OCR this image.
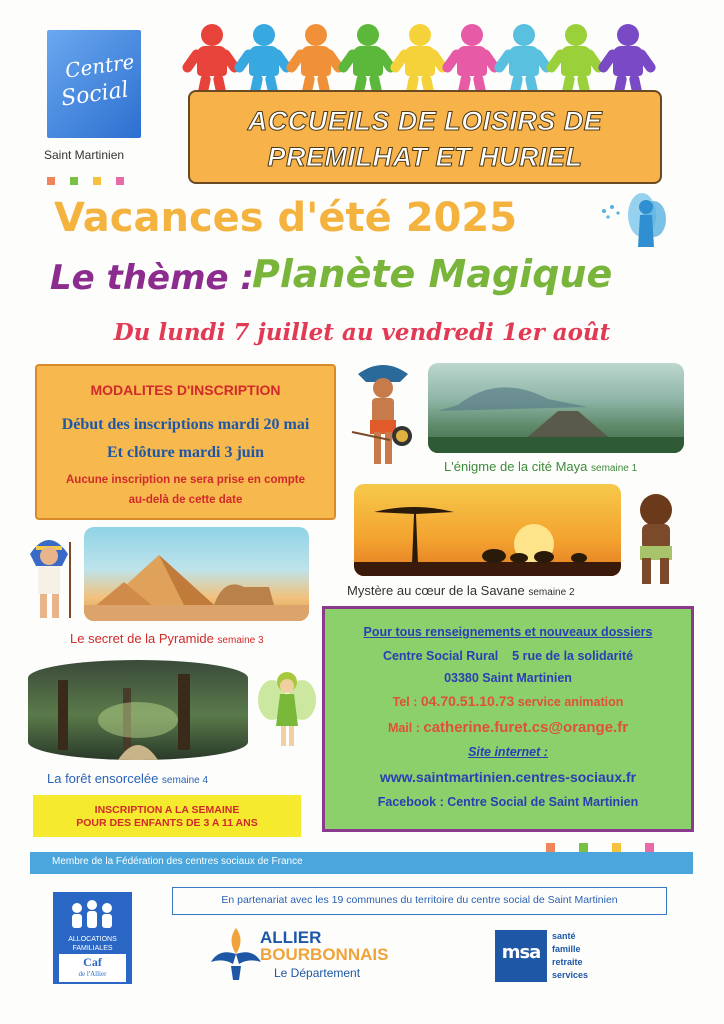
Centre
Social
Saint Martinien
ACCUEILS DE LOISIRS DE
PREMILHAT ET HURIEL
Vacances d'été 2025
Le thème :
Planète Magique
Du lundi 7 juillet au vendredi 1er août
MODALITES D'INSCRIPTION
Début des inscriptions mardi 20 mai
Et clôture mardi 3 juin
Aucune inscription ne sera prise en compte
au-delà de cette date
L'énigme de la cité Maya semaine 1
Mystère au cœur de la Savane semaine 2
Le secret de la Pyramide semaine 3
La forêt ensorcelée semaine 4
INSCRIPTION A LA SEMAINE
POUR DES ENFANTS DE 3 A 11 ANS
Pour tous renseignements et nouveaux dossiers
Centre Social Rural 5 rue de la solidarité
03380 Saint Martinien
Tel : 04.70.51.10.73 service animation
Mail : catherine.furet.cs@orange.fr
Site internet :
www.saintmartinien.centres-sociaux.fr
Facebook : Centre Social de Saint Martinien
Membre de la Fédération des centres sociaux de France
En partenariat avec les 19 communes du territoire du centre social de Saint Martinien
ALLOCATIONS
FAMILIALES
Caf
de l'Allier
ALLIER
BOURBONNAIS
Le Département
msa
santé
famille
retraite
services
